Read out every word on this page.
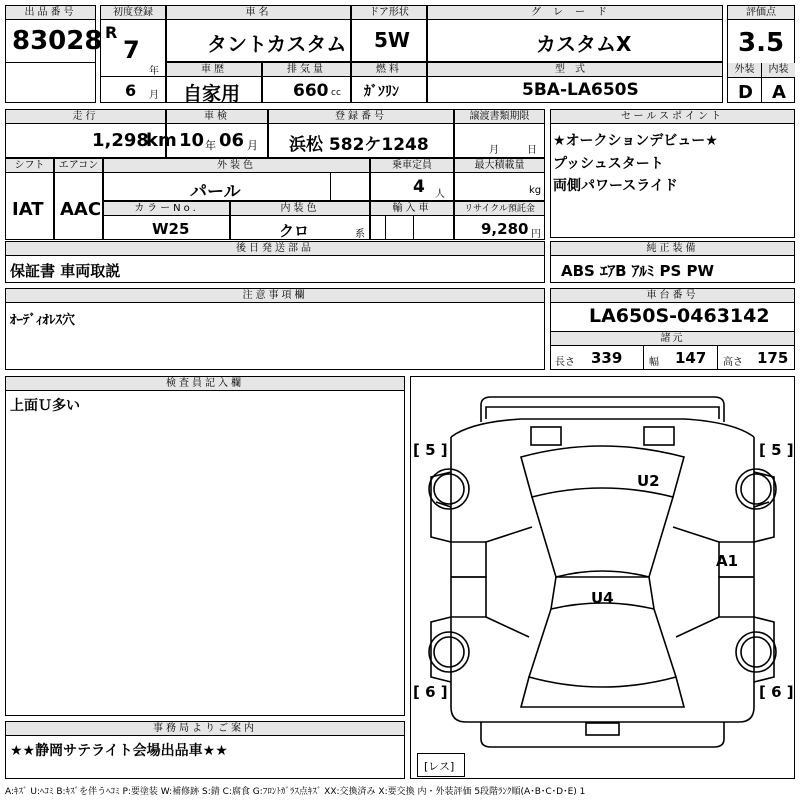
出品番号
83028
初度登録
R
7
年
6 月
車名
タントカスタム
ドア形状
5W
グレード
カスタムX
評価点
3.5
外装	内装
D A
車歴
自家用
排気量
660 cc
燃料
ｶﾞｿﾘﾝ
型式
5BA-LA650S
走行
1,298
km
車検
10 年 06 月
登録番号
浜松 582ケ1248
譲渡書類期限
月	日
セールスポイント
★オークションデビュー★
プッシュスタート
両側パワースライド
シフト
IAT
エアコン
AAC
外装色
パール
乗車定員
4 人
最大積載量
kg
カラーNo.
W25
内装色
クロ	系
輸入車	リサイクル預託金
9,280 円
後日発送部品
保証書 車両取説
純正装備
ABS ｴｱB ｱﾙﾐ PS PW
注意事項欄
ｵｰﾃﾞｨｵﾚｽ穴
車台番号
LA650S-0463142
諸元
長さ 339	幅 147 高さ 175
検査員記入欄
上面Ｕ多い
[ 5 ]	[ 5 ]
[ 6 ]	[ 6 ]
U2
U4
A1
[レス]
事務局よりご案内
★★静岡サテライト会場出品車★★
A:ｷｽﾞ U:ﾍｺﾐ B:ｷｽﾞを伴うﾍｺﾐ P:要塗装 W:補修跡 S:錆 C:腐食 G:ﾌﾛﾝﾄｶﾞﾗｽ点ｷｽﾞ XX:交換済み X:要交換 内・外装評価 5段階ﾗﾝｸ順(A･B･C･D･E) 1
